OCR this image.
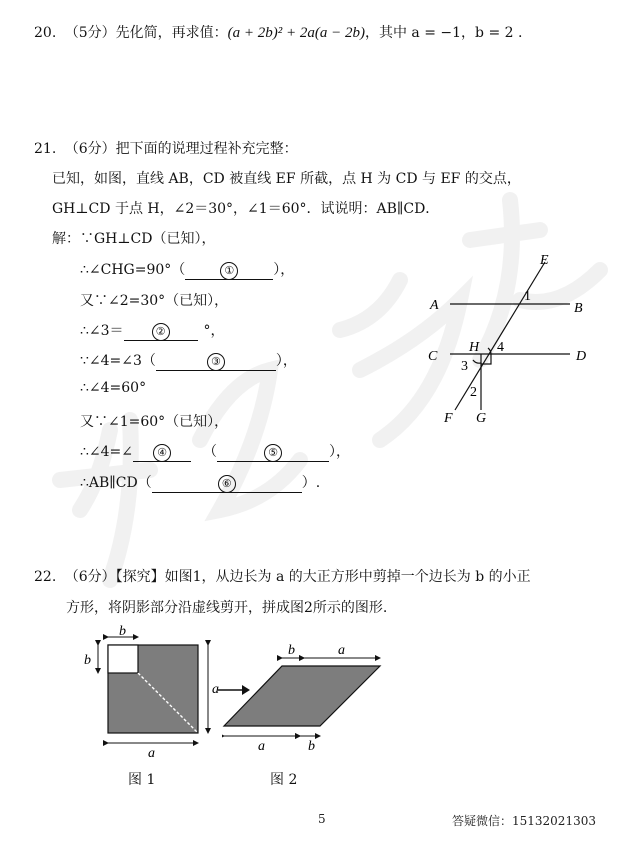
20. （5分）先化简，再求值：(a + 2b)² + 2a(a − 2b)，其中 a = −1，b = 2 .
21. （6分）把下面的说理过程补充完整：
已知，如图，直线 AB，CD 被直线 EF 所截，点 H 为 CD 与 EF 的交点，
GH⊥CD 于点 H，∠2＝30°，∠1＝60°．试说明：AB∥CD．
解：∵GH⊥CD（已知），
∴∠CHG=90°（	①	），
又∵∠2=30°（已知），
∴∠3＝	②	°，
∵∠4=∠3（	③	），
∴∠4=60°
又∵∠1=60°（已知），
∴∠4=∠ ④	（	⑤	），
∴AB∥CD（	⑥	）.
E
A	B
1
C
H 4
D
3
2
F G
22. （6分）【探究】如图1，从边长为 a 的大正方形中剪掉一个边长为 b 的小正
方形，将阴影部分沿虚线剪开，拼成图2所示的图形.
b
b
a
a
b	a
a	b
图 1	图 2
5	答疑微信：15132021303
